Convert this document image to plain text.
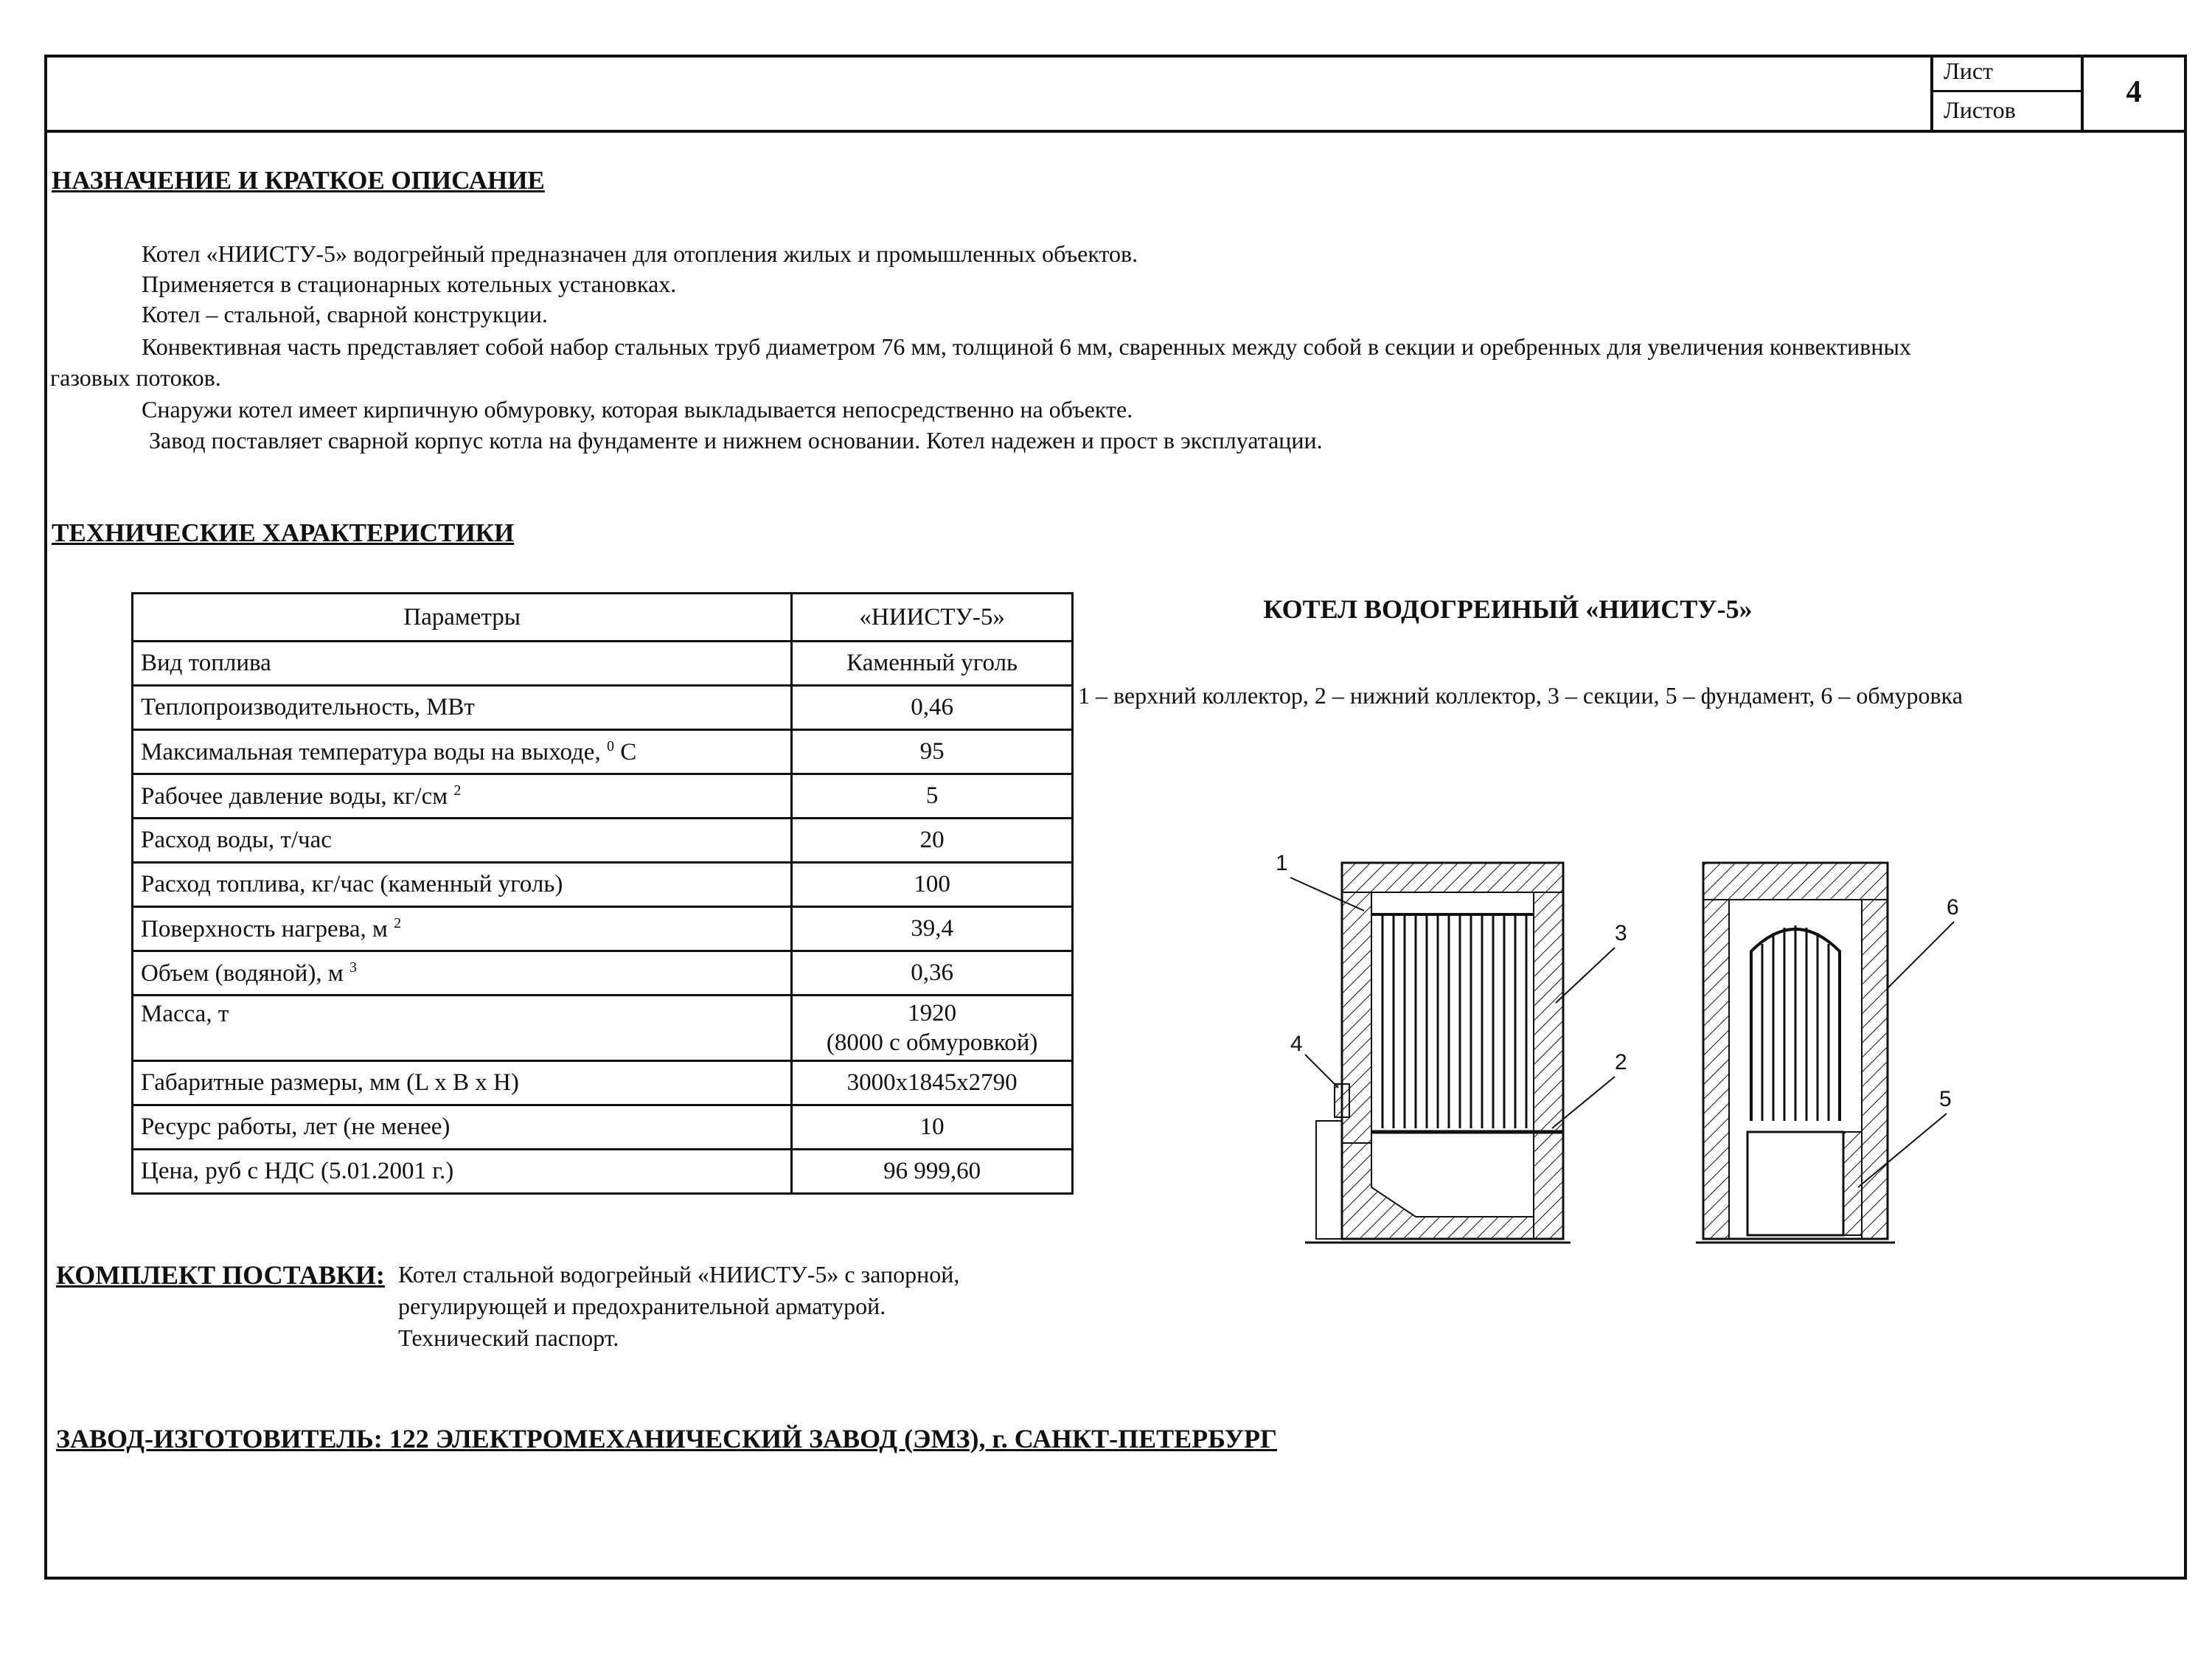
Лист
Листов
4
НАЗНАЧЕНИЕ И КРАТКОЕ ОПИСАНИЕ
Котел «НИИСТУ-5» водогрейный предназначен для отопления жилых и промышленных объектов.
Применяется в стационарных котельных установках.
Котел – стальной, сварной конструкции.
Конвективная часть представляет собой набор стальных труб диаметром 76 мм, толщиной 6 мм, сваренных между собой в секции и оребренных для увеличения конвективных
газовых потоков.
Снаружи котел имеет кирпичную обмуровку, которая выкладывается непосредственно на объекте.
Завод поставляет сварной корпус котла на фундаменте и нижнем основании. Котел надежен и прост в эксплуатации.
ТЕХНИЧЕСКИЕ ХАРАКТЕРИСТИКИ
Параметры	«НИИСТУ-5»
Вид топлива	Каменный уголь
Теплопроизводительность, МВт	0,46
Максимальная температура воды на выходе, $^0$ С	95
Рабочее давление воды, кг/см $^2$	5
Расход воды, т/час	20
Расход топлива, кг/час (каменный уголь)	100
Поверхность нагрева, м $^2$	39,4
Объем (водяной), м $^3$	0,36
Масса, т	1920
(8000 с обмуровкой)

Габаритные размеры, мм (L x B x H)	3000x1845x2790
Ресурс работы, лет (не менее)	10
Цена, руб с НДС (5.01.2001 г.)	96 999,60
КОТЕЛ ВОДОГРЕИНЫЙ «НИИСТУ-5»
1 – верхний коллектор, 2 – нижний коллектор, 3 – секции, 5 – фундамент, 6 – обмуровка
1
3
4
2
6
5
КОМПЛЕКТ ПОСТАВКИ: Котел стальной водогрейный «НИИСТУ-5» с запорной,
регулирующей и предохранительной арматурой.
Технический паспорт.
ЗАВОД-ИЗГОТОВИТЕЛЬ: 122 ЭЛЕКТРОМЕХАНИЧЕСКИЙ ЗАВОД (ЭМЗ), г. САНКТ-ПЕТЕРБУРГ
